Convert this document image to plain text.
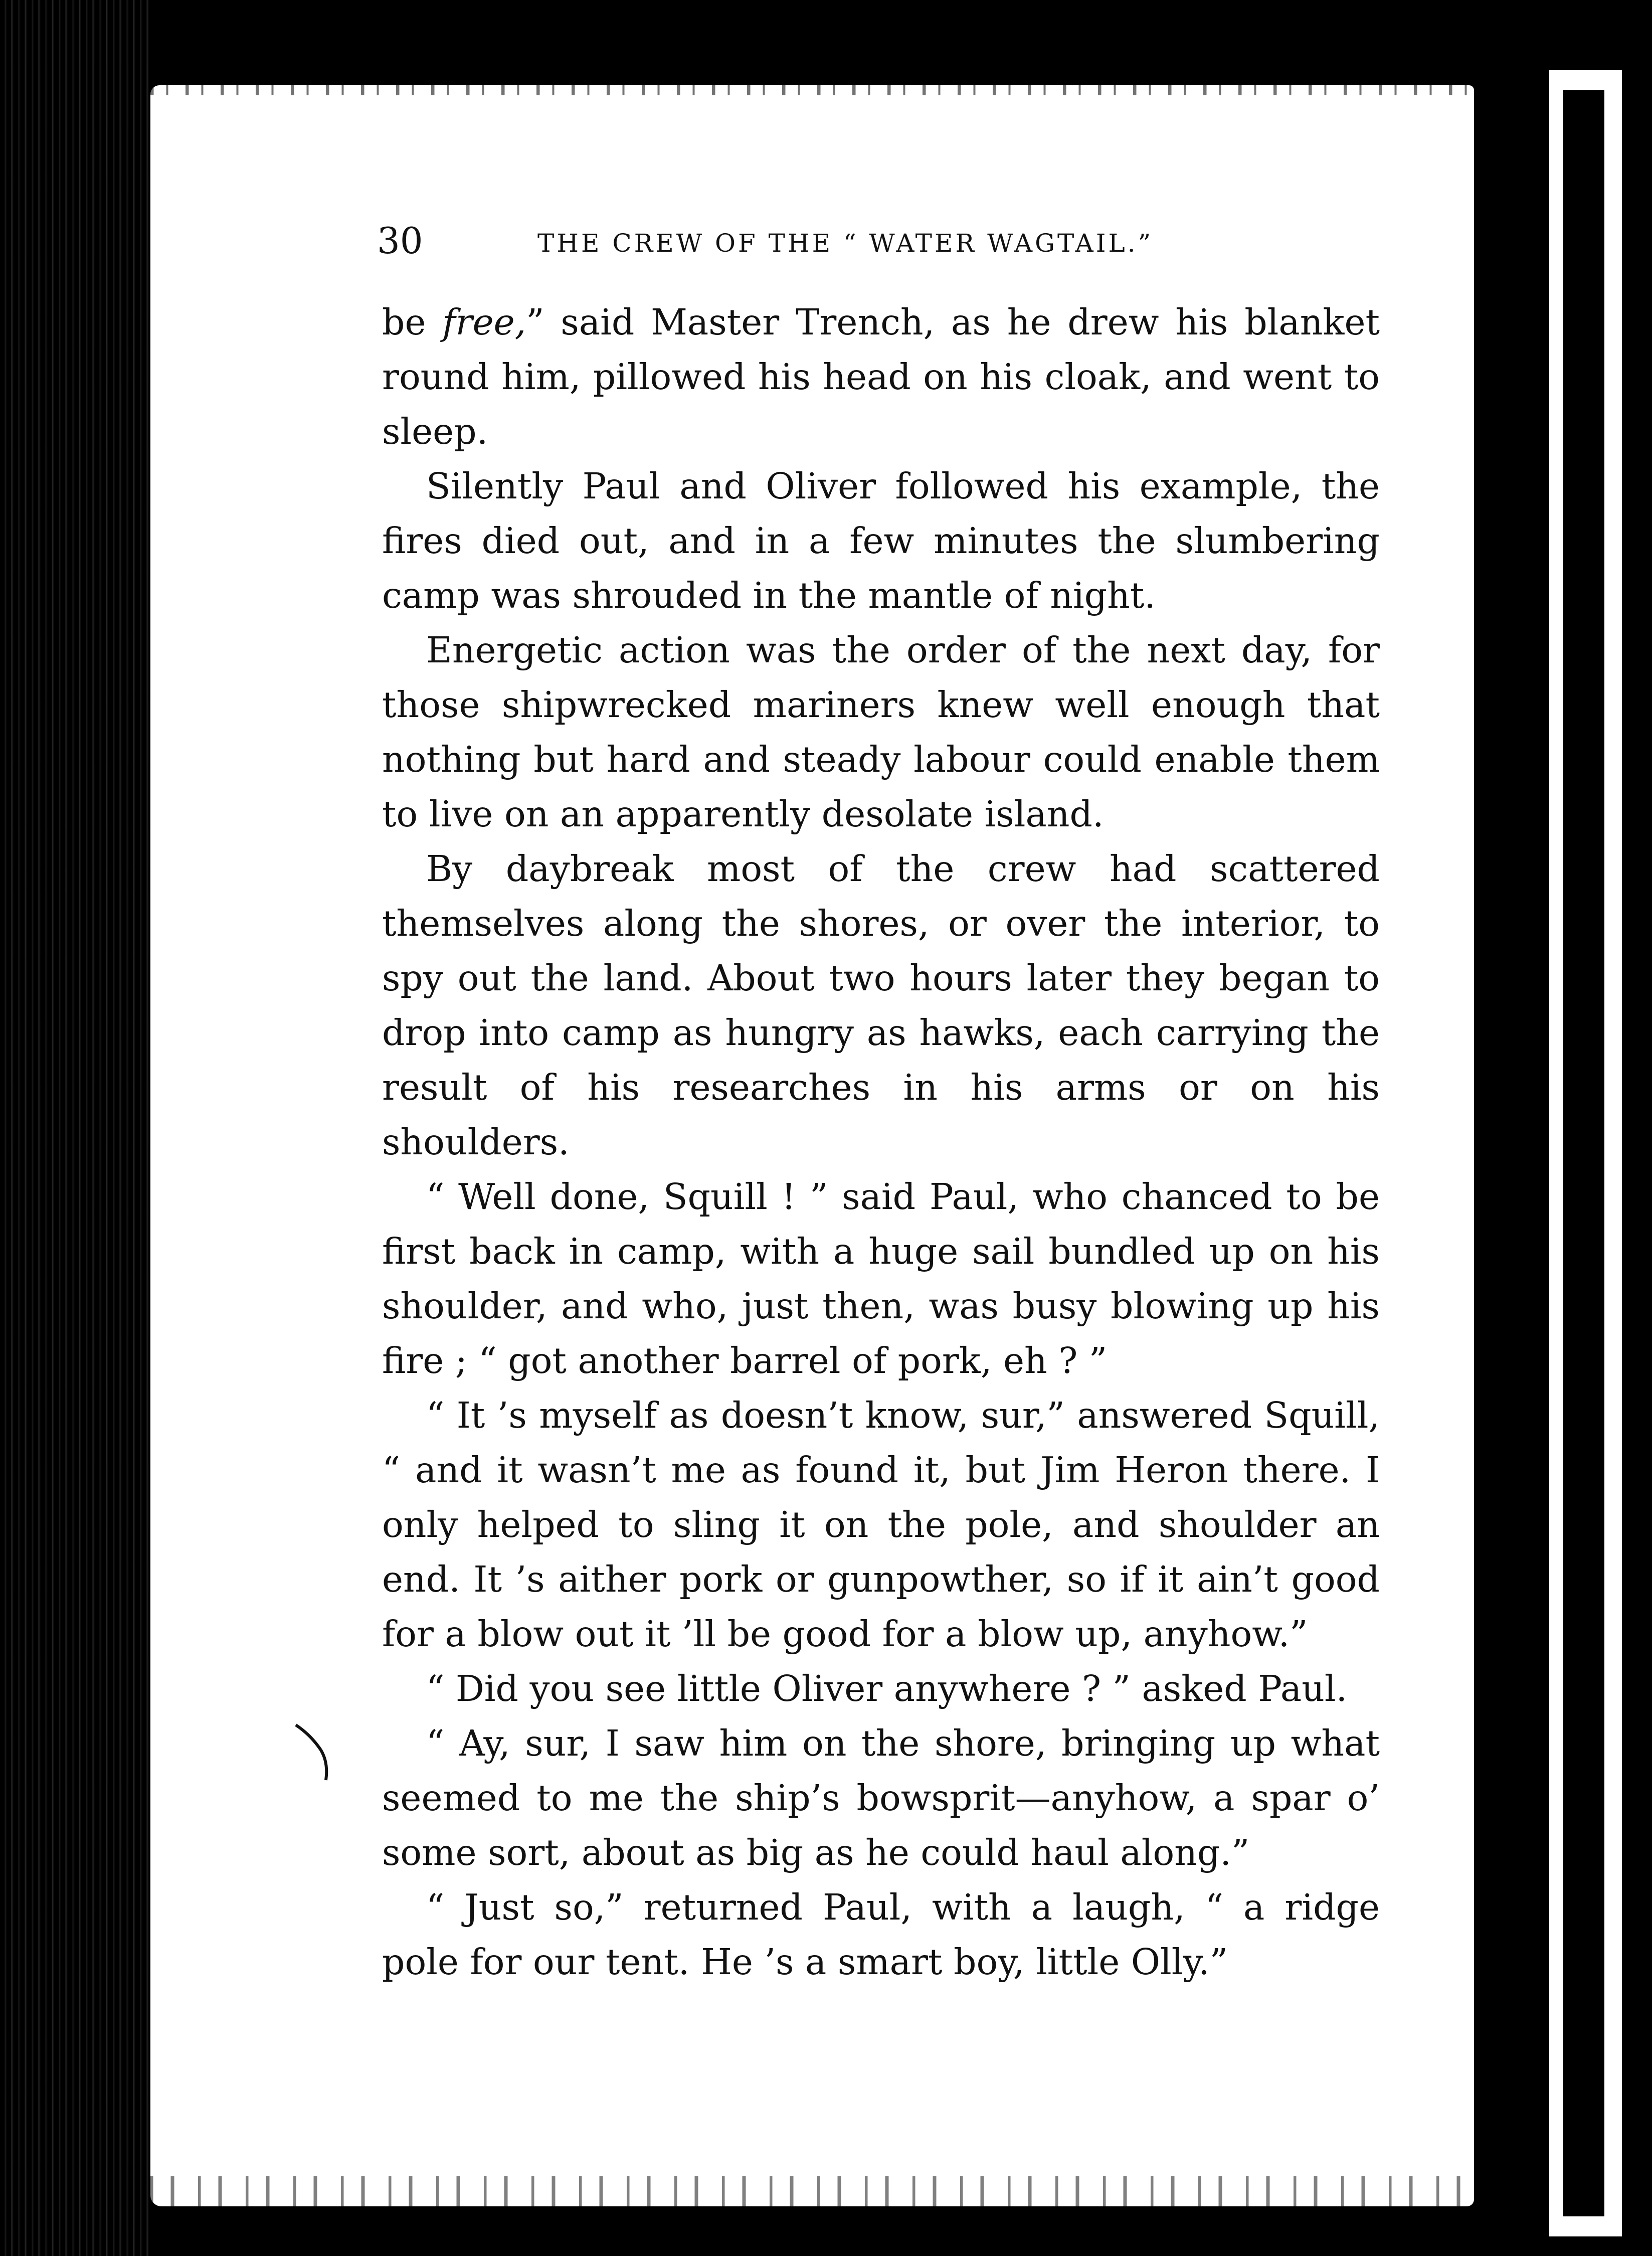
30	THE CREW OF THE “ WATER WAGTAIL.”

be free,” said Master Trench, as he drew his blanket round him, pillowed his head on his cloak, and went to sleep.

Silently Paul and Oliver followed his example, the fires died out, and in a few minutes the slumbering camp was shrouded in the mantle of night.

Energetic action was the order of the next day, for those shipwrecked mariners knew well enough that nothing but hard and steady labour could enable them to live on an apparently desolate island.

By daybreak most of the crew had scattered themselves along the shores, or over the interior, to spy out the land. About two hours later they began to drop into camp as hungry as hawks, each carrying the result of his researches in his arms or on his shoulders.

“ Well done, Squill ! ” said Paul, who chanced to be first back in camp, with a huge sail bundled up on his shoulder, and who, just then, was busy blowing up his fire ; “ got another barrel of pork, eh ? ”

“ It ’s myself as doesn’t know, sur,” answered Squill, “ and it wasn’t me as found it, but Jim Heron there. I only helped to sling it on the pole, and shoulder an end. It ’s aither pork or gunpowther, so if it ain’t good for a blow out it ’ll be good for a blow up, anyhow.”

“ Did you see little Oliver anywhere ? ” asked Paul.

“ Ay, sur, I saw him on the shore, bringing up what seemed to me the ship’s bowsprit—anyhow, a spar o’ some sort, about as big as he could haul along.”

“ Just so,” returned Paul, with a laugh, “ a ridge pole for our tent. He ’s a smart boy, little Olly.”
